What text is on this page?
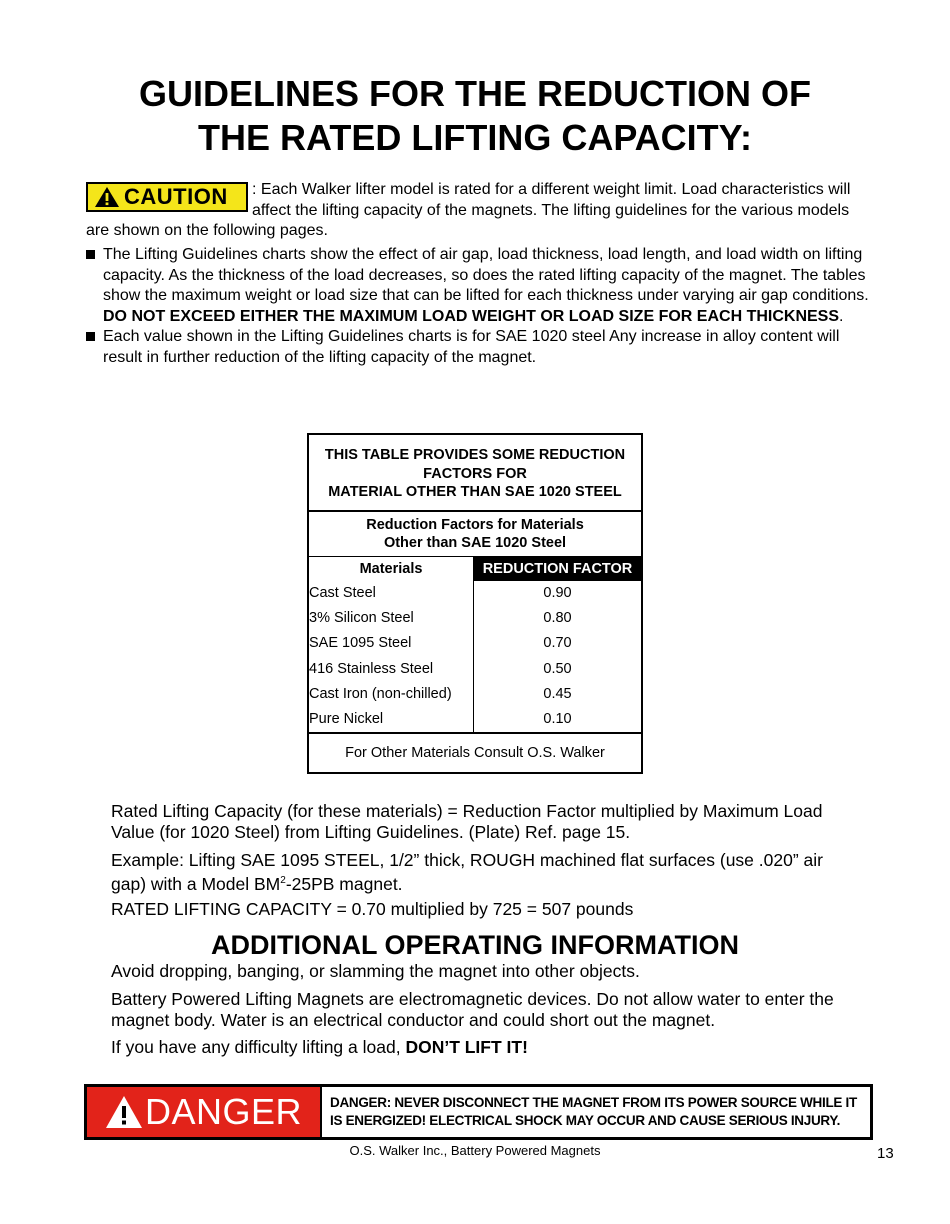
GUIDELINES FOR THE REDUCTION OF
THE RATED LIFTING CAPACITY:
CAUTION : Each Walker lifter model is rated for a different weight limit. Load characteristics will affect the lifting capacity of the magnets. The lifting guidelines for the various models are shown on the following pages.
The Lifting Guidelines charts show the effect of air gap, load thickness, load length, and load width on lifting capacity. As the thickness of the load decreases, so does the rated lifting capacity of the magnet. The tables show the maximum weight or load size that can be lifted for each thickness under varying air gap conditions. DO NOT EXCEED EITHER THE MAXIMUM LOAD WEIGHT OR LOAD SIZE FOR EACH THICKNESS.
Each value shown in the Lifting Guidelines charts is for SAE 1020 steel Any increase in alloy content will result in further reduction of the lifting capacity of the magnet.
THIS TABLE PROVIDES SOME REDUCTION
FACTORS FOR
MATERIAL OTHER THAN SAE 1020 STEEL
Reduction Factors for Materials
Other than SAE 1020 Steel
Materials	REDUCTION FACTOR
Cast Steel	0.90
3% Silicon Steel	0.80
SAE 1095 Steel	0.70
416 Stainless Steel	0.50
Cast Iron (non-chilled)	0.45
Pure Nickel	0.10
For Other Materials Consult O.S. Walker
Rated Lifting Capacity (for these materials) = Reduction Factor multiplied by Maximum Load Value (for 1020 Steel) from Lifting Guidelines. (Plate) Ref. page 15.
Example: Lifting SAE 1095 STEEL, 1/2” thick, ROUGH machined flat surfaces (use .020” air gap) with a Model $BM^2-25PB$ magnet.
RATED LIFTING CAPACITY = 0.70 multiplied by 725 = 507 pounds
ADDITIONAL OPERATING INFORMATION
Avoid dropping, banging, or slamming the magnet into other objects.
Battery Powered Lifting Magnets are electromagnetic devices. Do not allow water to enter the magnet body. Water is an electrical conductor and could short out the magnet.
If you have any difficulty lifting a load, DON’T LIFT IT!
DANGER	DANGER: NEVER DISCONNECT THE MAGNET FROM ITS POWER SOURCE WHILE IT IS ENERGIZED! ELECTRICAL SHOCK MAY OCCUR AND CAUSE SERIOUS INJURY.
O.S. Walker Inc., Battery Powered Magnets	13
